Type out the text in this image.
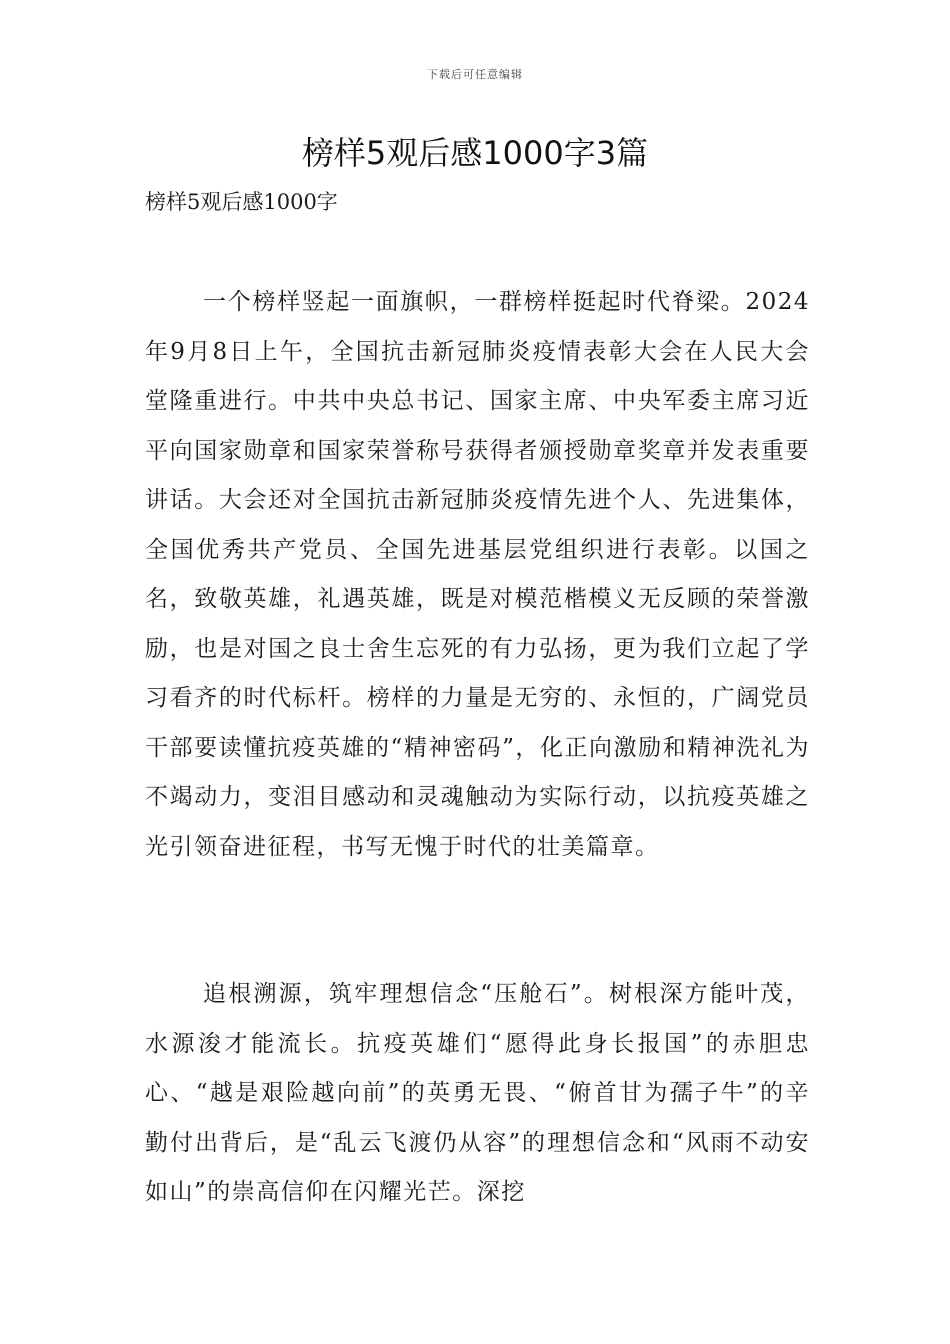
下载后可任意编辑
榜样5观后感1000字3篇
榜样5观后感1000字

一个榜样竖起一面旗帜，一群榜样挺起时代脊梁。2024年9月8日上午，全国抗击新冠肺炎疫情表彰大会在人民大会堂隆重进行。中共中央总书记、国家主席、中央军委主席习近平向国家勋章和国家荣誉称号获得者颁授勋章奖章并发表重要讲话。大会还对全国抗击新冠肺炎疫情先进个人、先进集体，全国优秀共产党员、全国先进基层党组织进行表彰。以国之名，致敬英雄，礼遇英雄，既是对模范楷模义无反顾的荣誉激励，也是对国之良士舍生忘死的有力弘扬，更为我们立起了学习看齐的时代标杆。榜样的力量是无穷的、永恒的，广阔党员干部要读懂抗疫英雄的“精神密码”，化正向激励和精神洗礼为不竭动力，变泪目感动和灵魂触动为实际行动，以抗疫英雄之光引领奋进征程，书写无愧于时代的壮美篇章。

追根溯源，筑牢理想信念“压舱石”。树根深方能叶茂，水源浚才能流长。抗疫英雄们“愿得此身长报国”的赤胆忠心、“越是艰险越向前”的英勇无畏、“俯首甘为孺子牛”的辛勤付出背后，是“乱云飞渡仍从容”的理想信念和“风雨不动安如山”的崇高信仰在闪耀光芒。深挖
